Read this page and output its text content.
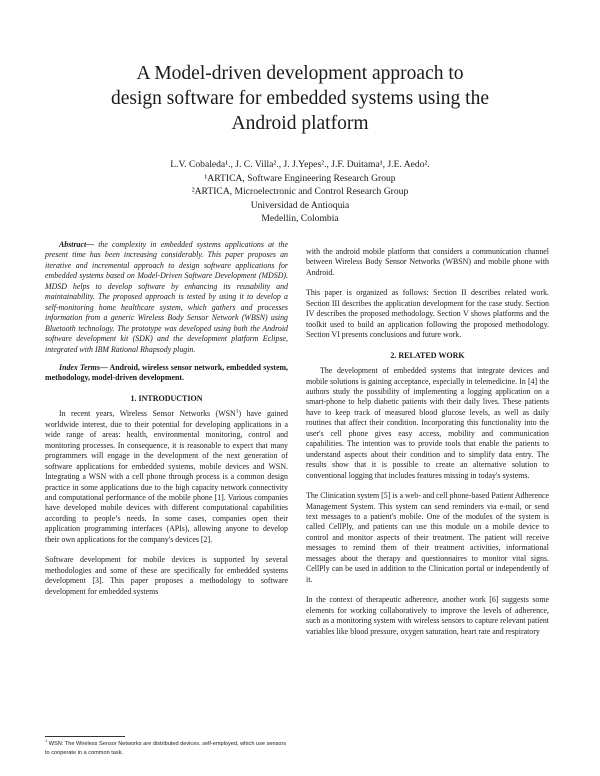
A Model-driven development approach to
design software for embedded systems using the
Android platform

L.V. Cobaleda¹., J. C. Villa²., J. J.Yepes²., J.F. Duitama¹, J.E. Aedo².

¹ARTICA, Software Engineering Research Group

²ARTICA, Microelectronic and Control Research Group

Universidad de Antioquia

Medellin, Colombia

Abstract— the complexity in embedded systems applications at the present time has been increasing considerably. This paper proposes an iterative and incremental approach to design software applications for embedded systems based on Model-Driven Software Development (MDSD). MDSD helps to develop software by enhancing its reusability and maintainability. The proposed approach is tested by using it to develop a self-monitoring home healthcare system, which gathers and processes information from a generic Wireless Body Sensor Network (WBSN) using Bluetooth technology. The prototype was developed using both the Android software development kit (SDK) and the development platform Eclipse, integrated with IBM Rational Rhapsody plugin.

Index Terms— Android, wireless sensor network, embedded system, methodology, model-driven development.

1. INTRODUCTION

In recent years, Wireless Sensor Networks (WSN$^1$) have gained worldwide interest, due to their potential for developing applications in a wide range of areas: health, environmental monitoring, control and monitoring processes. In consequence, it is reasonable to expect that many programmers will engage in the development of the next generation of software applications for embedded systems, mobile devices and WSN. Integrating a WSN with a cell phone through process is a common design practice in some applications due to the high capacity network connectivity and computational performance of the mobile phone [1]. Various companies have developed mobile devices with different computational capabilities according to people’s needs. In some cases, companies open their application programming interfaces (APIs), allowing anyone to develop their own applications for the company's devices [2].

Software development for mobile devices is supported by several methodologies and some of these are specifically for embedded systems development [3]. This paper proposes a methodology to software development for embedded systems

with the android mobile platform that considers a communication channel between Wireless Body Sensor Networks (WBSN) and mobile phone with Android.

This paper is organized as follows: Section II describes related work. Section III describes the application development for the case study. Section IV describes the proposed methodology. Section V shows platforms and the toolkit used to build an application following the proposed methodology. Section VI presents conclusions and future work.

2. RELATED WORK

The development of embedded systems that integrate devices and mobile solutions is gaining acceptance, especially in telemedicine. In [4] the authors study the possibility of implementing a logging application on a smart-phone to help diabetic patients with their daily lives. These patients have to keep track of measured blood glucose levels, as well as daily routines that affect their condition. Incorporating this functionality into the user's cell phone gives easy access, mobility and communication capabilities. The intention was to provide tools that enable the patients to understand aspects about their condition and to simplify data entry. The results show that it is possible to create an alternative solution to conventional logging that includes features missing in today's systems.

The Clinication system [5] is a web- and cell phone-based Patient Adherence Management System. This system can send reminders via e-mail, or send text messages to a patient's mobile. One of the modules of the system is called CellPly, and patients can use this module on a mobile device to control and monitor aspects of their treatment. The patient will receive messages to remind them of their treatment activities, informational messages about the therapy and questionnaires to monitor vital signs. CellPly can be used in addition to the Clinication portal or independently of it.

In the context of therapeutic adherence, another work [6] suggests some elements for working collaboratively to improve the levels of adherence, such as a monitoring system with wireless sensors to capture relevant patient variables like blood pressure, oxygen saturation, heart rate and respiratory

$^1$ WSN: The Wireless Sensor Networks are distributed devices, self-employed, which use sensors to cooperate in a common task.
